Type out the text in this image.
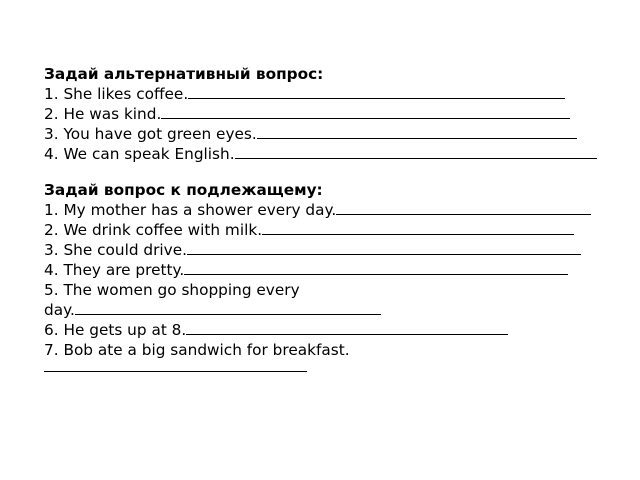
Задай альтернативный вопрос:
1. She likes coffee.
2. He was kind.
3. You have got green eyes.
4. We can speak English.
Задай вопрос к подлежащему:
1. My mother has a shower every day.
2. We drink coffee with milk.
3. She could drive.
4. They are pretty.
5. The women go shopping every
day.
6. He gets up at 8.
7. Bob ate a big sandwich for breakfast.
